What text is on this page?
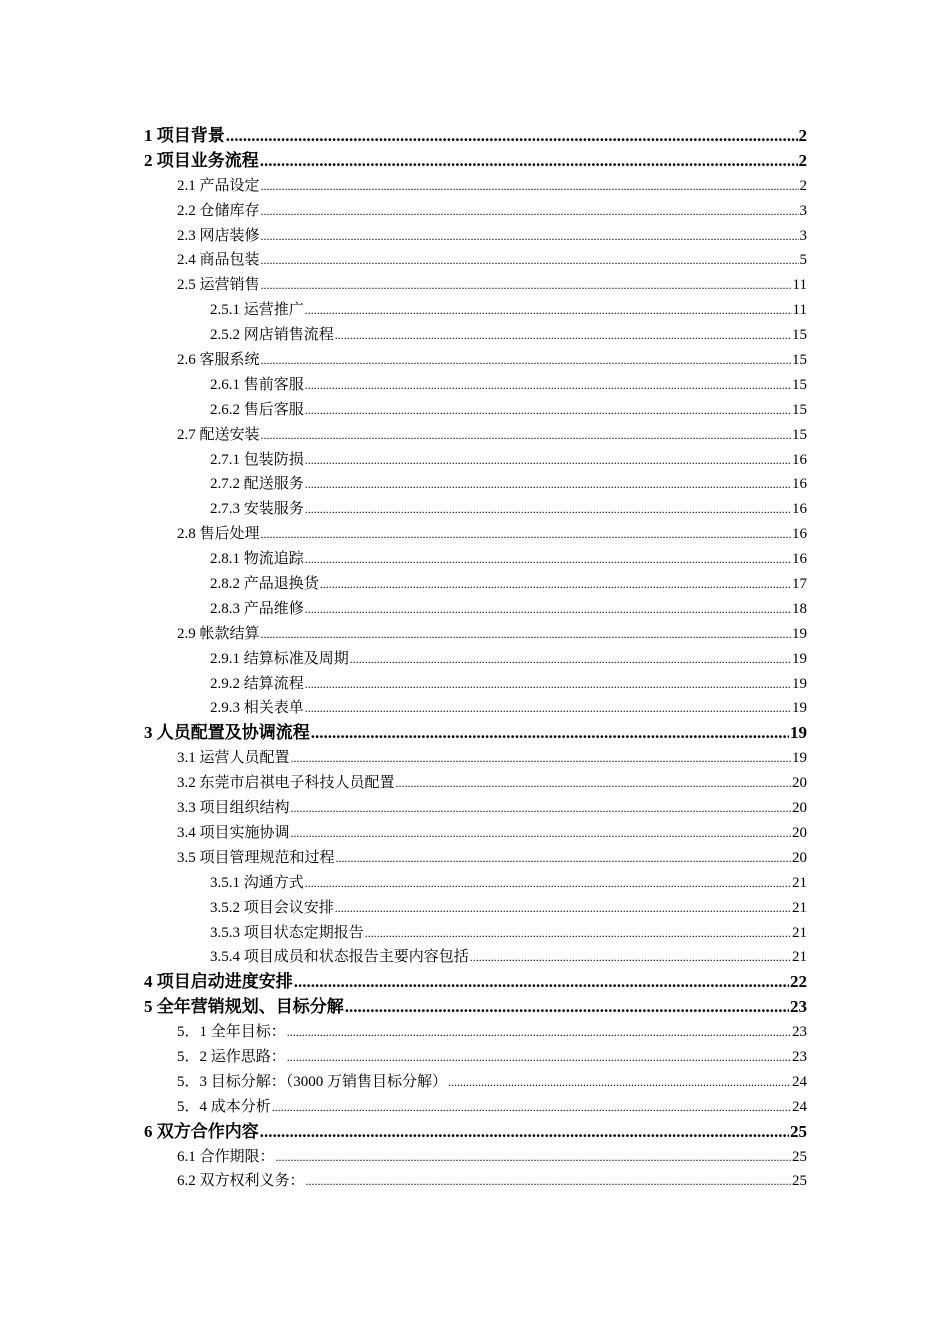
1 项目背景 .....	2
2 项目业务流程 .....	2
2.1 产品设定 .....	2
2.2 仓储库存 .....	3
2.3 网店装修 .....	3
2.4 商品包装 .....	5
2.5 运营销售 .....	11
2.5.1 运营推广 .....	11
2.5.2 网店销售流程 .....	15
2.6 客服系统 .....	15
2.6.1 售前客服 .....	15
2.6.2 售后客服 .....	15
2.7 配送安装 .....	15
2.7.1 包装防损 .....	16
2.7.2 配送服务 .....	16
2.7.3 安装服务 .....	16
2.8 售后处理 .....	16
2.8.1 物流追踪 .....	16
2.8.2 产品退换货 .....	17
2.8.3 产品维修 .....	18
2.9 帐款结算 .....	19
2.9.1 结算标准及周期 .....	19
2.9.2 结算流程 .....	19
2.9.3 相关表单 .....	19
3 人员配置及协调流程 .....	19
3.1 运营人员配置 .....	19
3.2 东莞市启祺电子科技人员配置 .....	20
3.3 项目组织结构 .....	20
3.4 项目实施协调 .....	20
3.5 项目管理规范和过程 .....	20
3.5.1 沟通方式 .....	21
3.5.2 项目会议安排 .....	21
3.5.3 项目状态定期报告 .....	21
3.5.4 项目成员和状态报告主要内容包括 .....	21
4 项目启动进度安排 .....	22
5 全年营销规划、目标分解 .....	23
5．1 全年目标： .....	23
5．2 运作思路： .....	23
5．3 目标分解：（3000 万销售目标分解） .....	24
5．4 成本分析 .....	24
6 双方合作内容 .....	25
6.1 合作期限： .....	25
6.2 双方权利义务： .....	25
